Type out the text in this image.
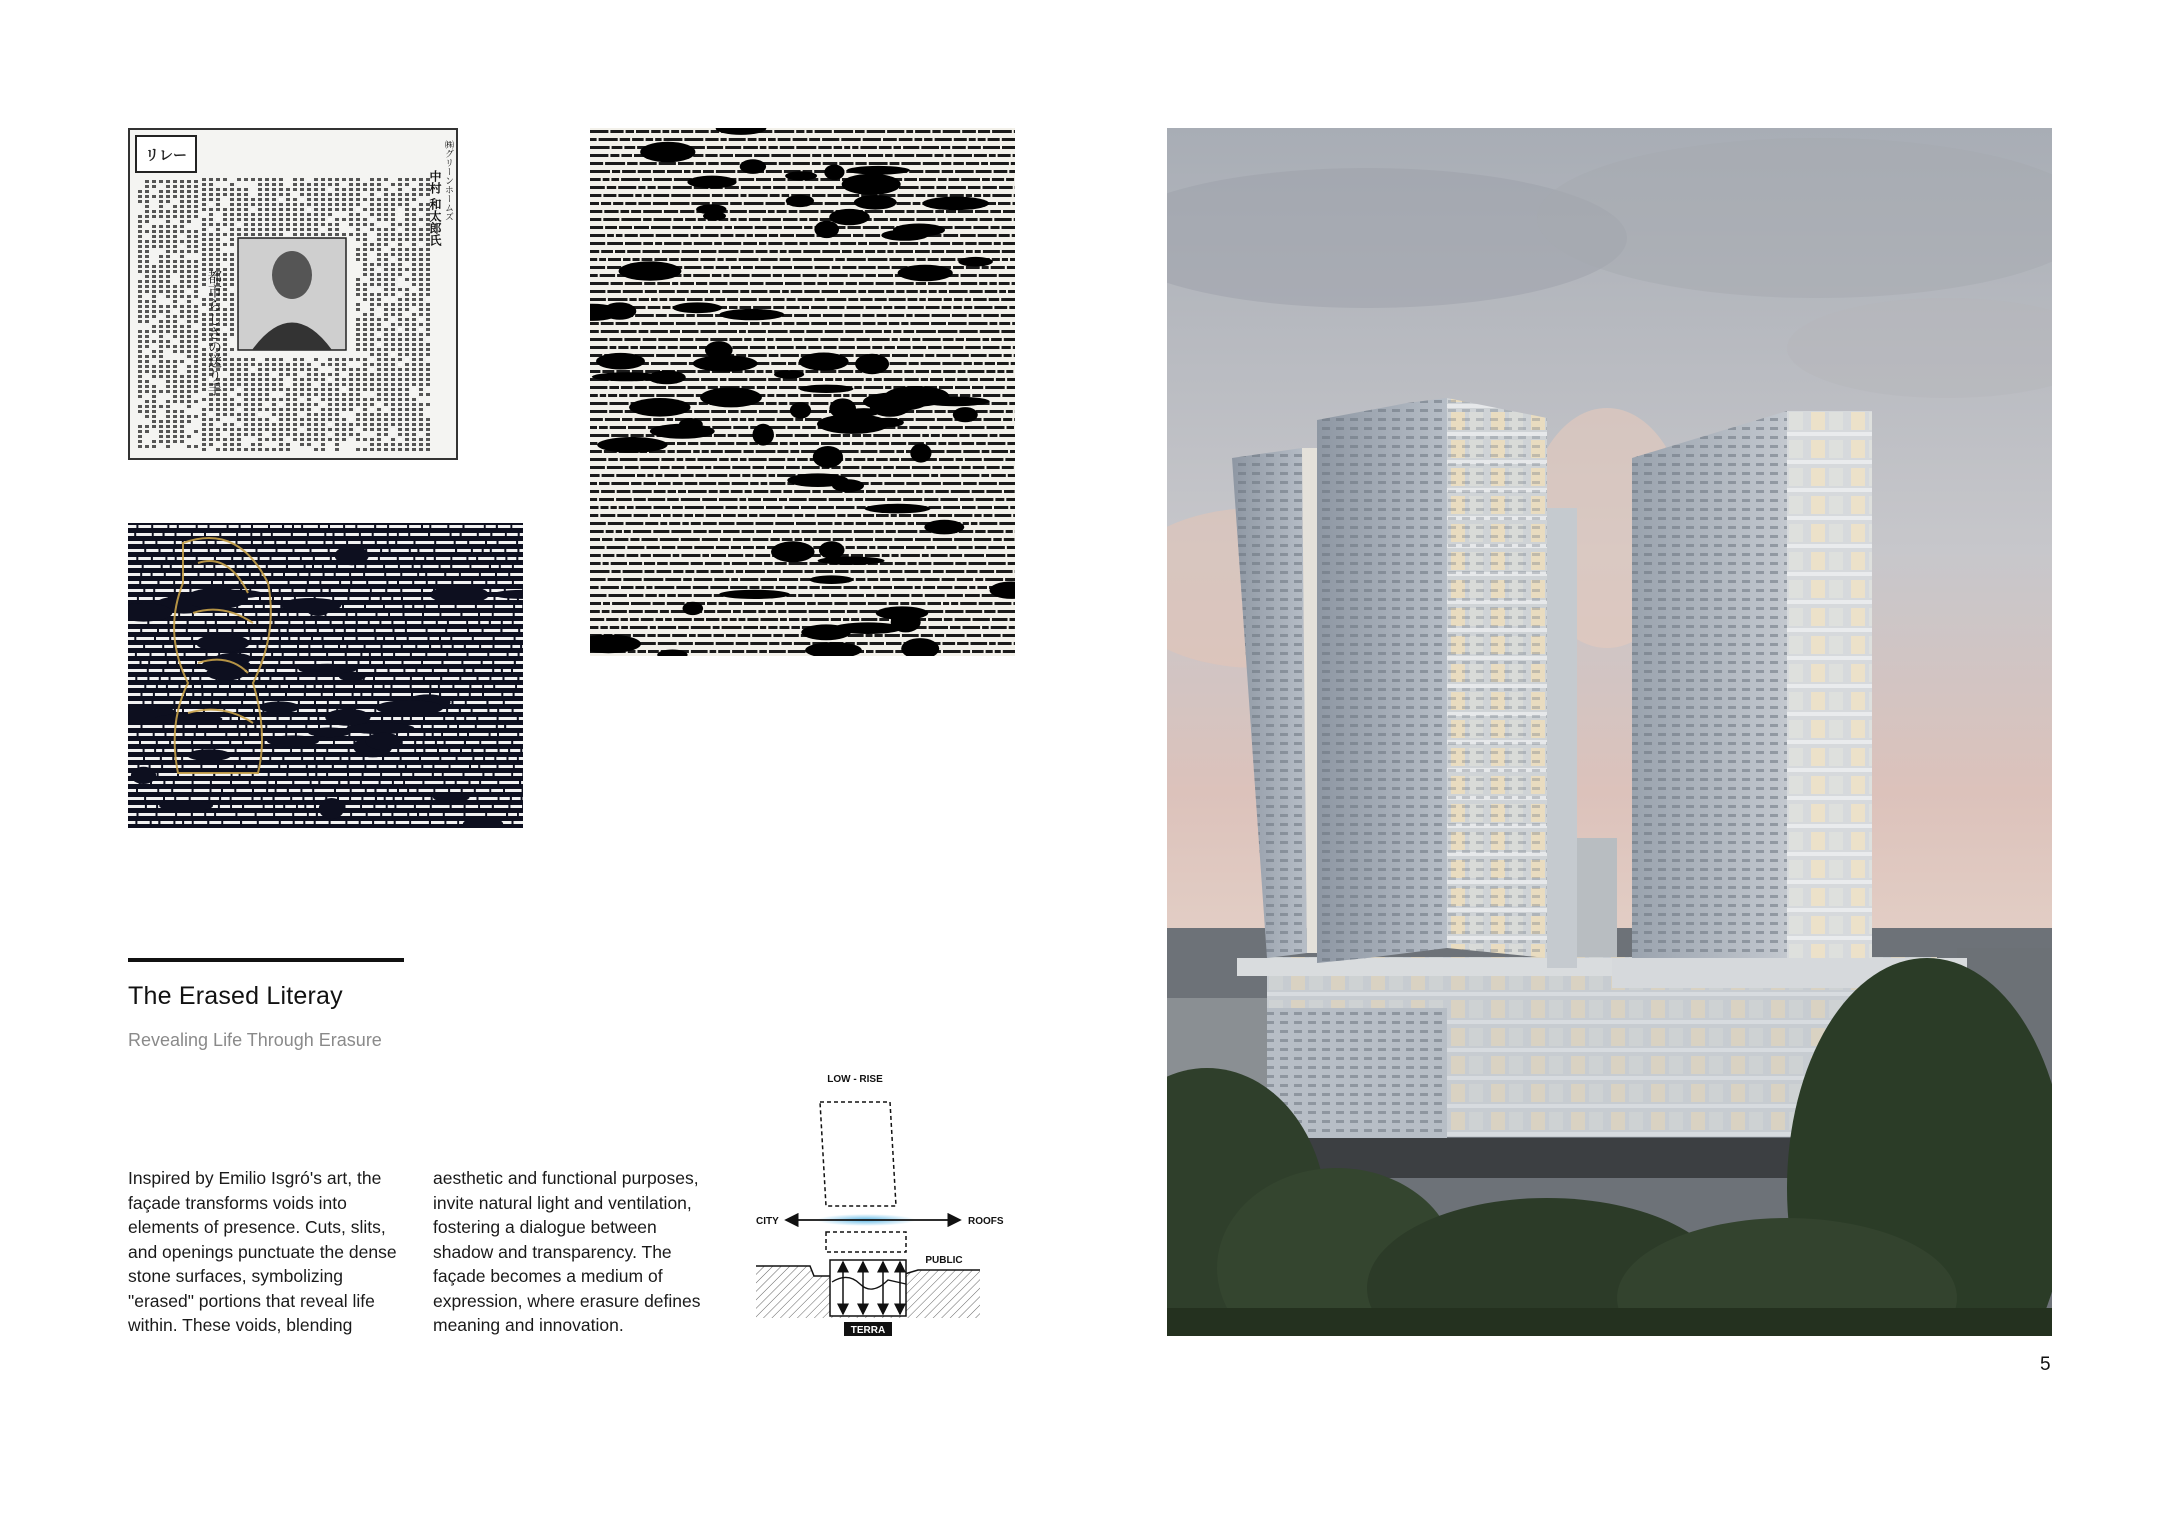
リレー
都市らしさの送り手
中村 和太郎氏 ㈱グリーンホームズ
The Erased Literay
Revealing Life Through Erasure
Inspired by Emilio Isgró's art, the façade transforms voids into elements of presence. Cuts, slits, and openings punctuate the dense stone surfaces, symbolizing "erased" portions that reveal life within. These voids, blending
aesthetic and functional purposes, invite natural light and ventilation, fostering a dialogue between shadow and transparency. The façade becomes a medium of expression, where erasure defines meaning and innovation.
LOW - RISE
CITY	ROOFS
PUBLIC
TERRA
5
